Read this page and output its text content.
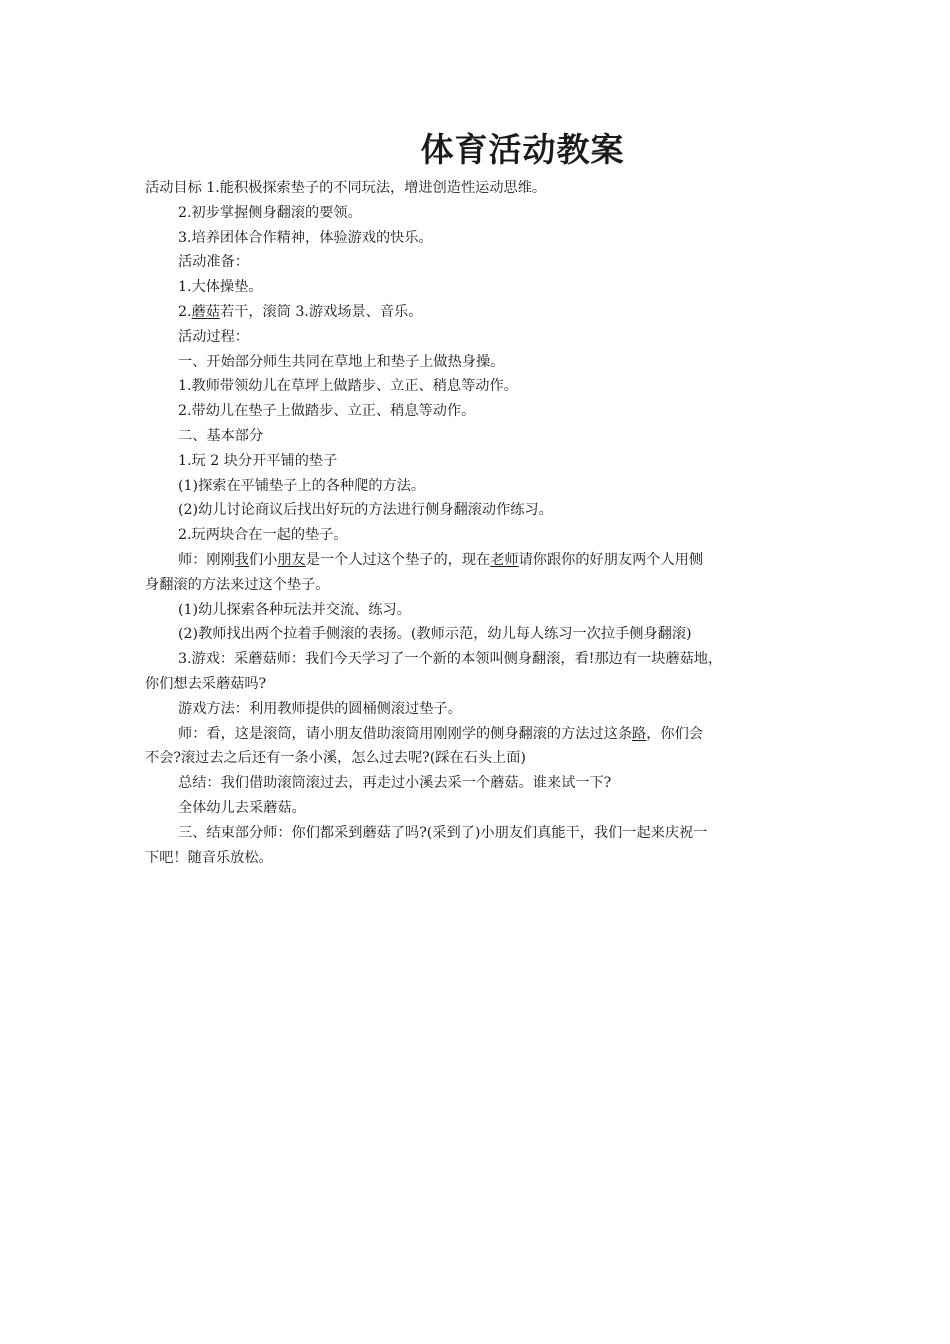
体育活动教案

活动目标 1.能积极探索垫子的不同玩法，增进创造性运动思维。

2.初步掌握侧身翻滚的要领。

3.培养团体合作精神，体验游戏的快乐。

活动准备：

1.大体操垫。

2.蘑菇若干，滚筒 3.游戏场景、音乐。

活动过程：

一、开始部分师生共同在草地上和垫子上做热身操。

1.教师带领幼儿在草坪上做踏步、立正、稍息等动作。

2.带幼儿在垫子上做踏步、立正、稍息等动作。

二、基本部分

1.玩 2 块分开平铺的垫子

(1)探索在平铺垫子上的各种爬的方法。

(2)幼儿讨论商议后找出好玩的方法进行侧身翻滚动作练习。

2.玩两块合在一起的垫子。

师：刚刚我们小朋友是一个人过这个垫子的，现在老师请你跟你的好朋友两个人用侧

身翻滚的方法来过这个垫子。

(1)幼儿探索各种玩法并交流、练习。

(2)教师找出两个拉着手侧滚的表扬。(教师示范，幼儿每人练习一次拉手侧身翻滚)

3.游戏：采蘑菇师：我们今天学习了一个新的本领叫侧身翻滚，看!那边有一块蘑菇地，

你们想去采蘑菇吗?

游戏方法：利用教师提供的圆桶侧滚过垫子。

师：看，这是滚筒，请小朋友借助滚筒用刚刚学的侧身翻滚的方法过这条路，你们会

不会?滚过去之后还有一条小溪，怎么过去呢?(踩在石头上面)

总结：我们借助滚筒滚过去，再走过小溪去采一个蘑菇。谁来试一下?

全体幼儿去采蘑菇。

三、结束部分师：你们都采到蘑菇了吗?(采到了)小朋友们真能干，我们一起来庆祝一

下吧！随音乐放松。
